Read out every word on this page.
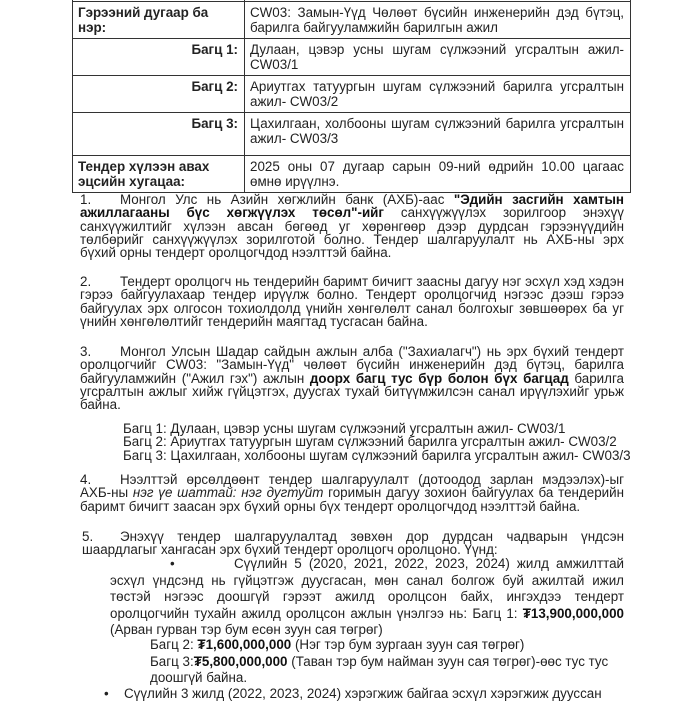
Гэрээний дугаар ба нэр:	CW03: Замын-Үүд Чөлөөт бүсийн инженерийн дэд бүтэц, барилга байгууламжийн барилгын ажил
Багц 1:	Дулаан, цэвэр усны шугам сүлжээний угсралтын ажил- CW03/1
Багц 2:	Ариутгах татуургын шугам сүлжээний барилга угсралтын ажил- CW03/2
Багц 3:	Цахилгаан, холбооны шугам сүлжээний барилга угсралтын ажил- CW03/3
Тендер хүлээн авах эцсийн хугацаа:	2025 оны 07 дугаар сарын 09-ний өдрийн 10.00 цагаас өмнө ирүүлнэ.
1. Монгол Улс нь Азийн хөгжлийн банк (АХБ)-аас "Эдийн засгийн хамтын ажиллагааны бүс хөгжүүлэх төсөл"-ийг санхүүжүүлэх зорилгоор энэхүү санхүүжилтийг хүлээн авсан бөгөөд уг хөрөнгөөр дээр дурдсан гэрээнүүдийн төлбөрийг санхүүжүүлэх зорилготой болно. Тендер шалгаруулалт нь АХБ-ны эрх бүхий орны тендерт оролцогчдод нээлттэй байна.
2. Тендерт оролцогч нь тендерийн баримт бичигт заасны дагуу нэг эсхүл хэд хэдэн гэрээ байгуулахаар тендер ирүүлж болно. Тендерт оролцогчид нэгээс дээш гэрээ байгуулах эрх олгосон тохиолдолд үнийн хөнгөлөлт санал болгохыг зөвшөөрөх ба уг үнийн хөнгөлөлтийг тендерийн маягтад тусгасан байна.
3. Монгол Улсын Шадар сайдын ажлын алба ("Захиалагч") нь эрх бүхий тендерт оролцогчийг CW03: "Замын-Үүд" чөлөөт бүсийн инженерийн дэд бүтэц, барилга байгууламжийн ("Ажил гэх") ажлын доорх багц тус бүр болон бүх багцад барилга угсралтын ажлыг хийж гүйцэтгэх, дуусгах тухай битүүмжилсэн санал ирүүлэхийг урьж байна.
Багц 1: Дулаан, цэвэр усны шугам сүлжээний угсралтын ажил- CW03/1
Багц 2: Ариутгах татуургын шугам сүлжээний барилга угсралтын ажил- CW03/2
Багц 3: Цахилгаан, холбооны шугам сүлжээний барилга угсралтын ажил- CW03/3
4. Нээлттэй өрсөлдөөнт тендер шалгаруулалт (дотоодод зарлан мэдээлэх)-ыг АХБ-ны нэг үе шаттай: нэг дугтуйт горимын дагуу зохион байгуулах ба тендерийн баримт бичигт заасан эрх бүхий орны бүх тендерт оролцогчдод нээлттэй байна.
5. Энэхүү тендер шалгаруулалтад зөвхөн дор дурдсан чадварын үндсэн шаардлагыг хангасан эрх бүхий тендерт оролцогч оролцоно. Үүнд:
•	Сүүлийн 5 (2020, 2021, 2022, 2023, 2024) жилд амжилттай эсхүл үндсэнд нь гүйцэтгэж дуусгасан, мөн санал болгож буй ажилтай ижил төстэй нэгээс доошгүй гэрээт ажилд оролцсон байх, ингэхдээ тендерт оролцогчийн тухайн ажилд оролцсон ажлын үнэлгээ нь: Багц 1: ₮13,900,000,000 (Арван гурван тэр бум есөн зуун сая төгрөг)
Багц 2: ₮1,600,000,000 (Нэг тэр бум зургаан зуун сая төгрөг)
Багц 3:₮5,800,000,000 (Таван тэр бум найман зуун сая төгрөг)-өөс тус тус доошгүй байна.
• Сүүлийн 3 жилд (2022, 2023, 2024) хэрэгжиж байгаа эсхүл хэрэгжиж дууссан
